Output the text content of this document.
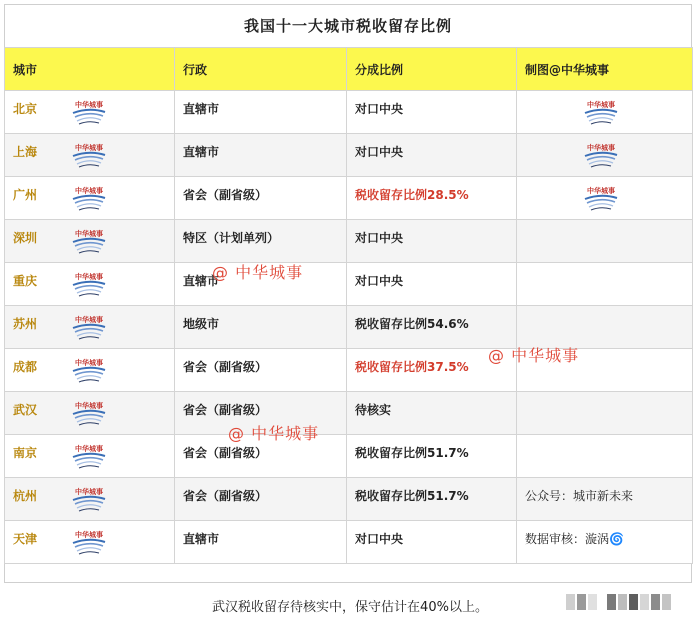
我国十一大城市税收留存比例
城市	行政	分成比例	制图@中华城事
北京 中华城事	直辖市	对口中央	中华城事

上海 中华城事	直辖市	对口中央	中华城事

广州 中华城事	省会（副省级）	税收留存比例28.5%	中华城事

深圳 中华城事	特区（计划单列）	对口中央	
重庆 中华城事	直辖市	对口中央	
苏州 中华城事	地级市	税收留存比例54.6%	
成都 中华城事	省会（副省级）	税收留存比例37.5%	
武汉 中华城事	省会（副省级）	待核实	
南京 中华城事	省会（副省级）	税收留存比例51.7%	
杭州 中华城事	省会（副省级）	税收留存比例51.7%	公众号：城市新未来
天津 中华城事	直辖市	对口中央	数据审核：漩涡🌀
@ 中华城事
@ 中华城事
@ 中华城事
武汉税收留存待核实中，保守估计在40%以上。
